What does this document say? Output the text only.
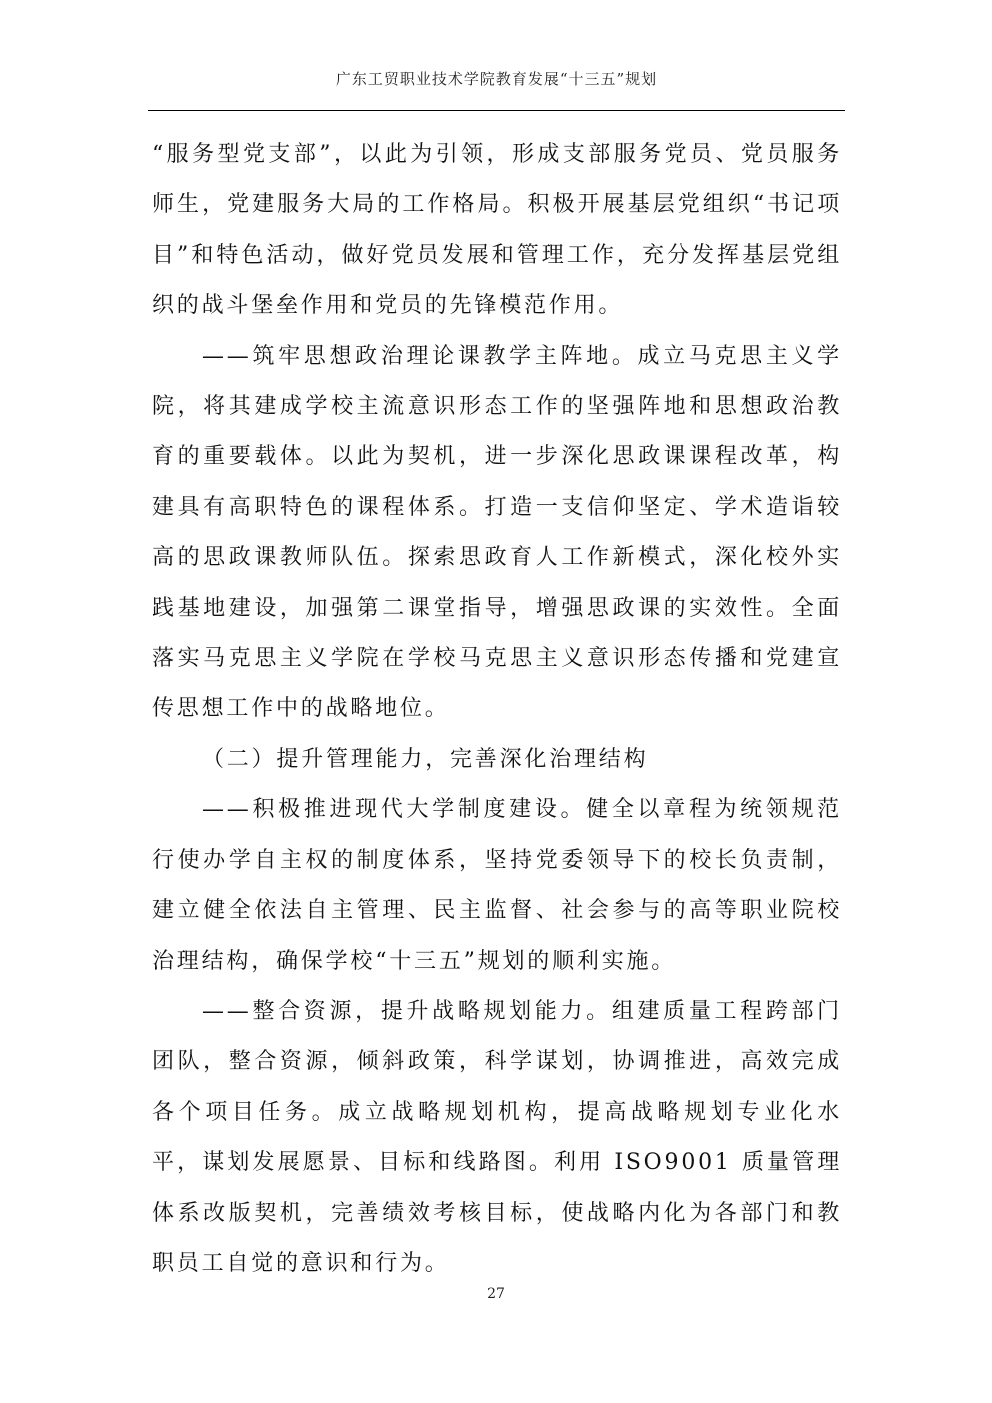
广东工贸职业技术学院教育发展“十三五”规划

“服务型党支部”，以此为引领，形成支部服务党员、党员服务师生，党建服务大局的工作格局。积极开展基层党组织“书记项目”和特色活动，做好党员发展和管理工作，充分发挥基层党组织的战斗堡垒作用和党员的先锋模范作用。

——筑牢思想政治理论课教学主阵地。成立马克思主义学院，将其建成学校主流意识形态工作的坚强阵地和思想政治教育的重要载体。以此为契机，进一步深化思政课课程改革，构建具有高职特色的课程体系。打造一支信仰坚定、学术造诣较高的思政课教师队伍。探索思政育人工作新模式，深化校外实践基地建设，加强第二课堂指导，增强思政课的实效性。全面落实马克思主义学院在学校马克思主义意识形态传播和党建宣传思想工作中的战略地位。

（二）提升管理能力，完善深化治理结构

——积极推进现代大学制度建设。健全以章程为统领规范行使办学自主权的制度体系，坚持党委领导下的校长负责制，建立健全依法自主管理、民主监督、社会参与的高等职业院校治理结构，确保学校“十三五”规划的顺利实施。

——整合资源，提升战略规划能力。组建质量工程跨部门团队，整合资源，倾斜政策，科学谋划，协调推进，高效完成各个项目任务。成立战略规划机构，提高战略规划专业化水平，谋划发展愿景、目标和线路图。利用 ISO9001 质量管理体系改版契机，完善绩效考核目标，使战略内化为各部门和教职员工自觉的意识和行为。

27
